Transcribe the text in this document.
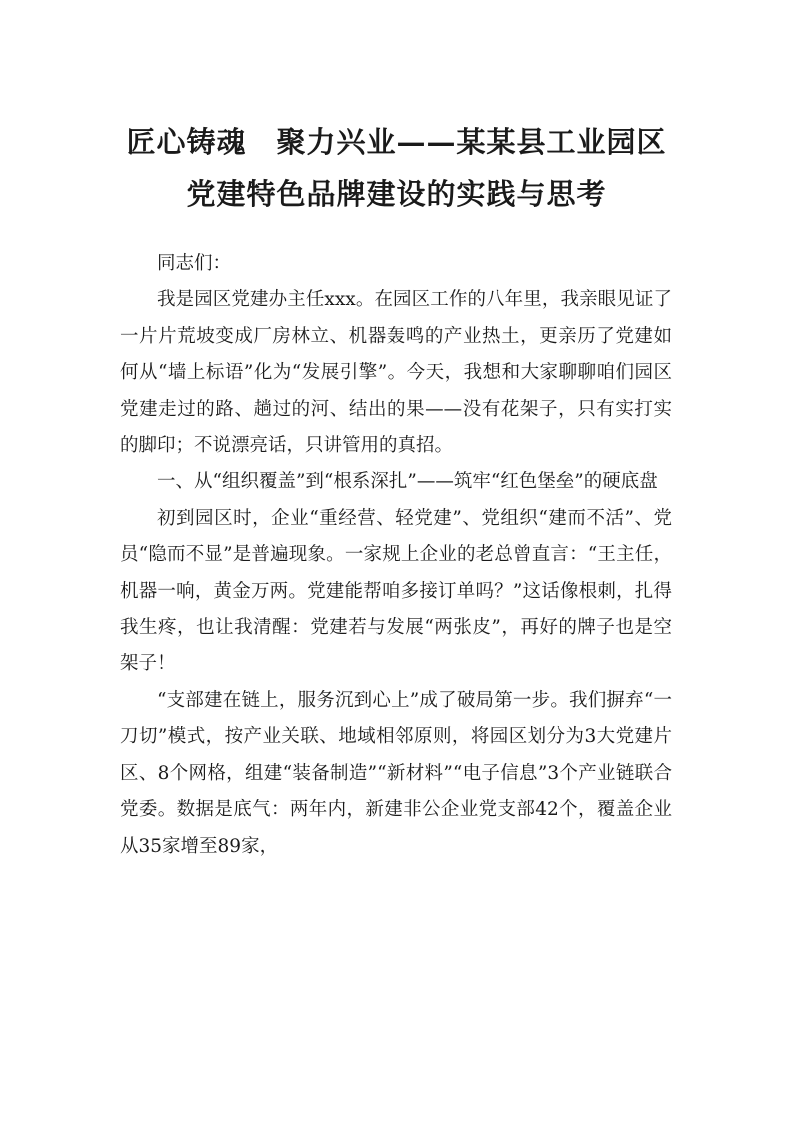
匠心铸魂　聚力兴业——某某县工业园区
党建特色品牌建设的实践与思考

同志们：

我是园区党建办主任xxx。在园区工作的八年里，我亲眼见证了一片片荒坡变成厂房林立、机器轰鸣的产业热土，更亲历了党建如何从“墙上标语”化为“发展引擎”。今天，我想和大家聊聊咱们园区党建走过的路、趟过的河、结出的果——没有花架子，只有实打实的脚印；不说漂亮话，只讲管用的真招。

一、从“组织覆盖”到“根系深扎”——筑牢“红色堡垒”的硬底盘

初到园区时，企业“重经营、轻党建”、党组织“建而不活”、党员“隐而不显”是普遍现象。一家规上企业的老总曾直言：“王主任，机器一响，黄金万两。党建能帮咱多接订单吗？”这话像根刺，扎得我生疼，也让我清醒：党建若与发展“两张皮”，再好的牌子也是空架子！

“支部建在链上，服务沉到心上”成了破局第一步。我们摒弃“一刀切”模式，按产业关联、地域相邻原则，将园区划分为3大党建片区、8个网格，组建“装备制造”“新材料”“电子信息”3个产业链联合党委。数据是底气：两年内，新建非公企业党支部42个，覆盖企业从35家增至89家，
